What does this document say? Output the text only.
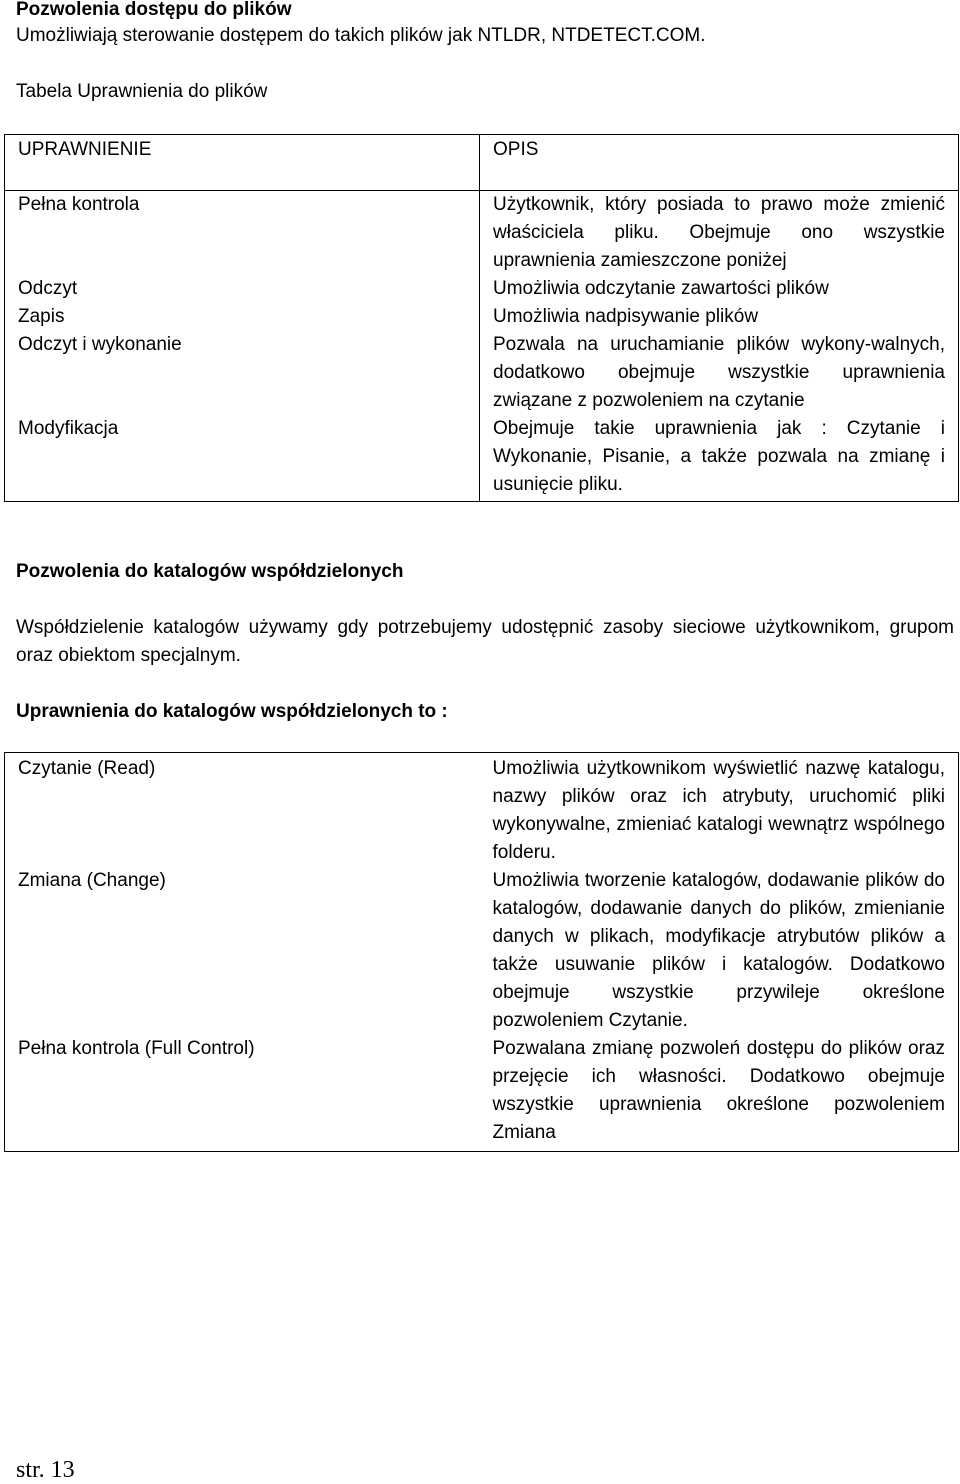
Pozwolenia dostępu do plików
Umożliwiają sterowanie dostępem do takich plików jak NTLDR, NTDETECT.COM.
Tabela Uprawnienia do plików
UPRAWNIENIE	OPIS
Pełna kontrola	Użytkownik, który posiada to prawo może zmienić właściciela pliku. Obejmuje ono wszystkie uprawnienia zamieszczone poniżej
Odczyt	Umożliwia odczytanie zawartości plików
Zapis	Umożliwia nadpisywanie plików
Odczyt i wykonanie	Pozwala na uruchamianie plików wykony-walnych, dodatkowo obejmuje wszystkie uprawnienia związane z pozwoleniem na czytanie
Modyfikacja	Obejmuje takie uprawnienia jak : Czytanie i Wykonanie, Pisanie, a także pozwala na zmianę i usunięcie pliku.
Pozwolenia do katalogów współdzielonych
Współdzielenie katalogów używamy gdy potrzebujemy udostępnić zasoby sieciowe użytkownikom, grupom oraz obiektom specjalnym.
Uprawnienia do katalogów współdzielonych to :
Czytanie (Read)	Umożliwia użytkownikom wyświetlić nazwę katalogu, nazwy plików oraz ich atrybuty, uruchomić pliki wykonywalne, zmieniać katalogi wewnątrz wspólnego folderu.
Zmiana (Change)	Umożliwia tworzenie katalogów, dodawanie plików do katalogów, dodawanie danych do plików, zmienianie danych w plikach, modyfikacje atrybutów plików a także usuwanie plików i katalogów. Dodatkowo obejmuje wszystkie przywileje określone pozwoleniem Czytanie.
Pełna kontrola (Full Control)	Pozwalana zmianę pozwoleń dostępu do plików oraz przejęcie ich własności. Dodatkowo obejmuje wszystkie uprawnienia określone pozwoleniem Zmiana
str. 13
